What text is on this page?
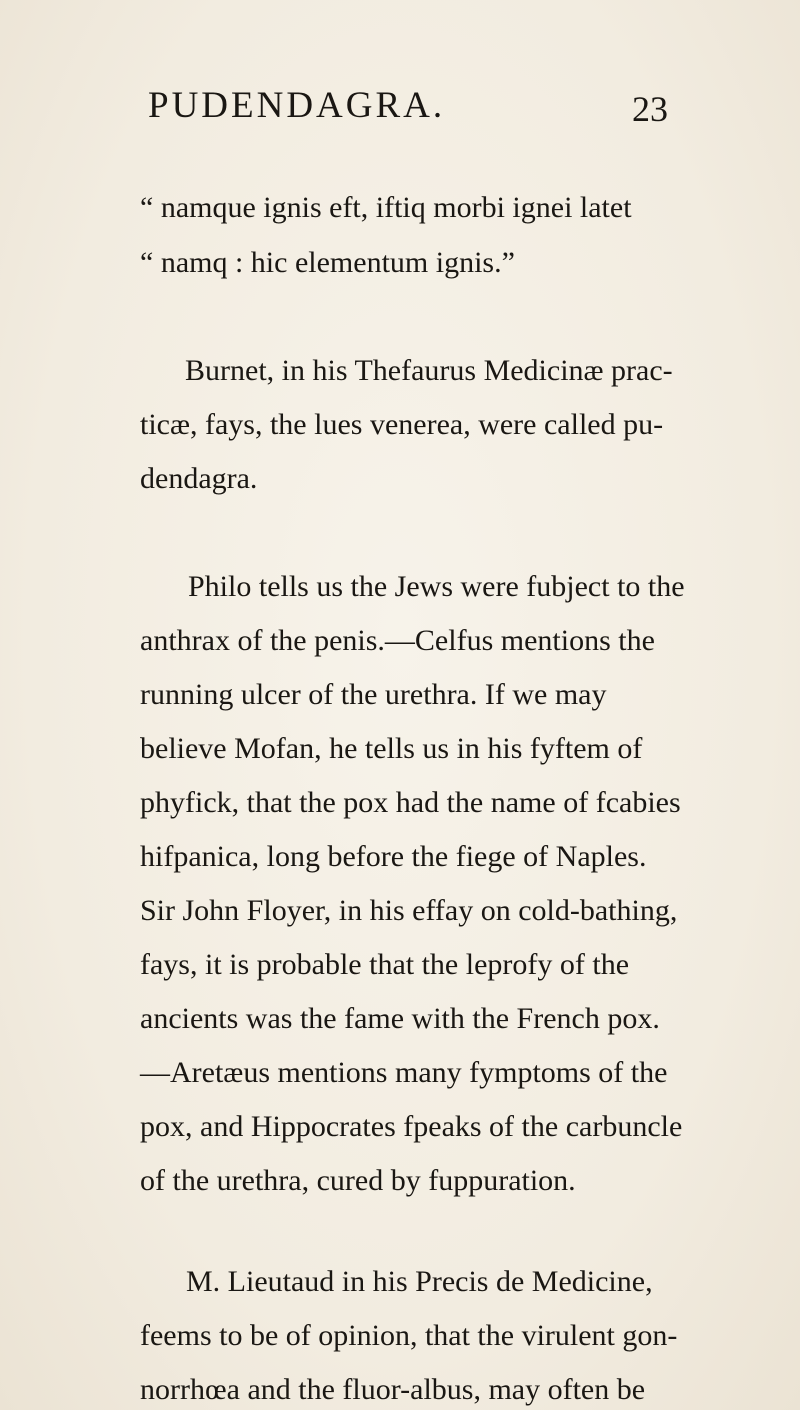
PUDENDAGRA.	23
“ namque ignis eft, iftiq morbi ignei latet
“ namq : hic elementum ignis.”
Burnet, in his Thefaurus Medicinæ prac-
ticæ, fays, the lues venerea, were called pu-
dendagra.
Philo tells us the Jews were fubject to the
anthrax of the penis.—Celfus mentions the
running ulcer of the urethra. If we may
believe Mofan, he tells us in his fyftem of
phyfick, that the pox had the name of fcabies
hifpanica, long before the fiege of Naples.
Sir John Floyer, in his effay on cold-bathing,
fays, it is probable that the leprofy of the
ancients was the fame with the French pox.
—Aretæus mentions many fymptoms of the
pox, and Hippocrates fpeaks of the carbuncle
of the urethra, cured by fuppuration.
M. Lieutaud in his Precis de Medicine,
feems to be of opinion, that the virulent gon-
norrhœa and the fluor-albus, may often be
